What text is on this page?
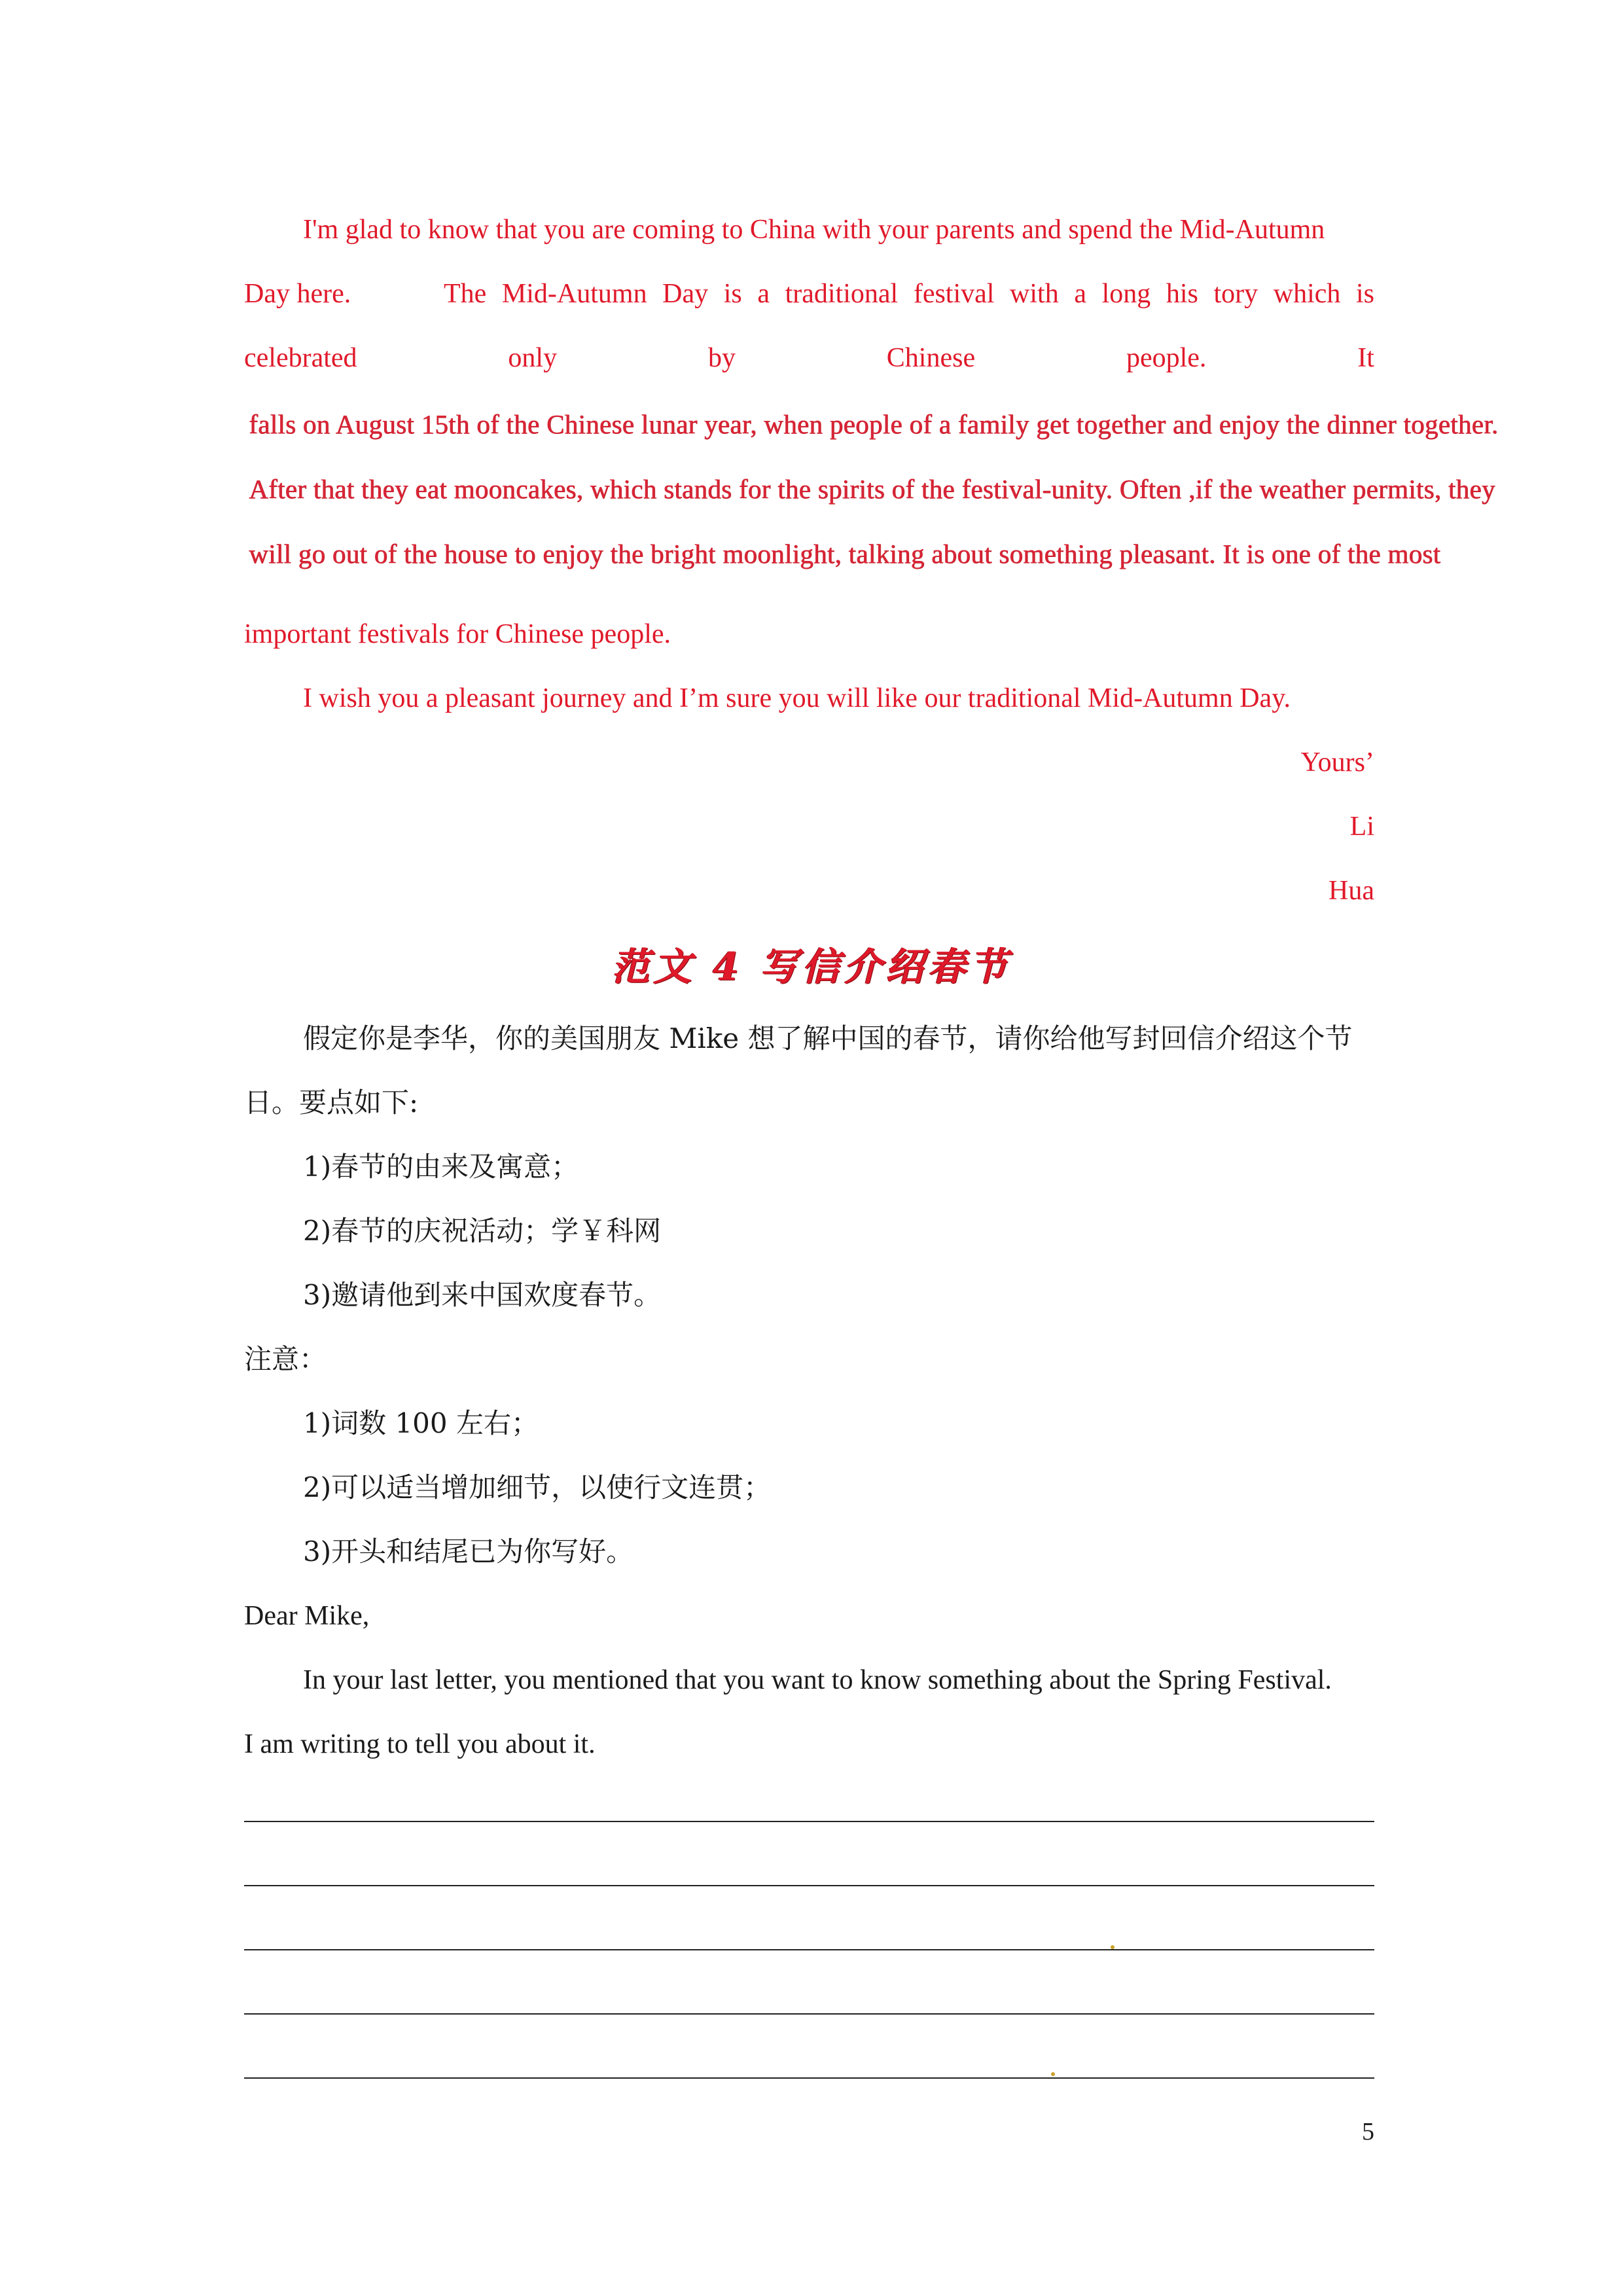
I'm glad to know that you are coming to China with your parents and spend the Mid-Autumn
Day here.	The Mid-Autumn Day is a traditional festival with a long his tory which is
celebrated	only	by	Chinese	people.	It
falls on August 15th of the Chinese lunar year, when people of a family get together and enjoy the dinner together.
After that they eat mooncakes, which stands for the spirits of the festival-unity. Often ,if the weather permits, they
will go out of the house to enjoy the bright moonlight, talking about something pleasant. It is one of the most
important festivals for Chinese people.
I wish you a pleasant journey and I’m sure you will like our traditional Mid-Autumn Day.
Yours’
Li
Hua
范文 4 写信介绍春节
假定你是李华，你的美国朋友 Mike 想了解中国的春节，请你给他写封回信介绍这个节
日。要点如下:
1)春节的由来及寓意；
2)春节的庆祝活动；学￥科网
3)邀请他到来中国欢度春节。
注意：
1)词数 100 左右；
2)可以适当增加细节，以使行文连贯；
3)开头和结尾已为你写好。
Dear Mike,
In your last letter, you mentioned that you want to know something about the Spring Festival.
I am writing to tell you about it.
5
